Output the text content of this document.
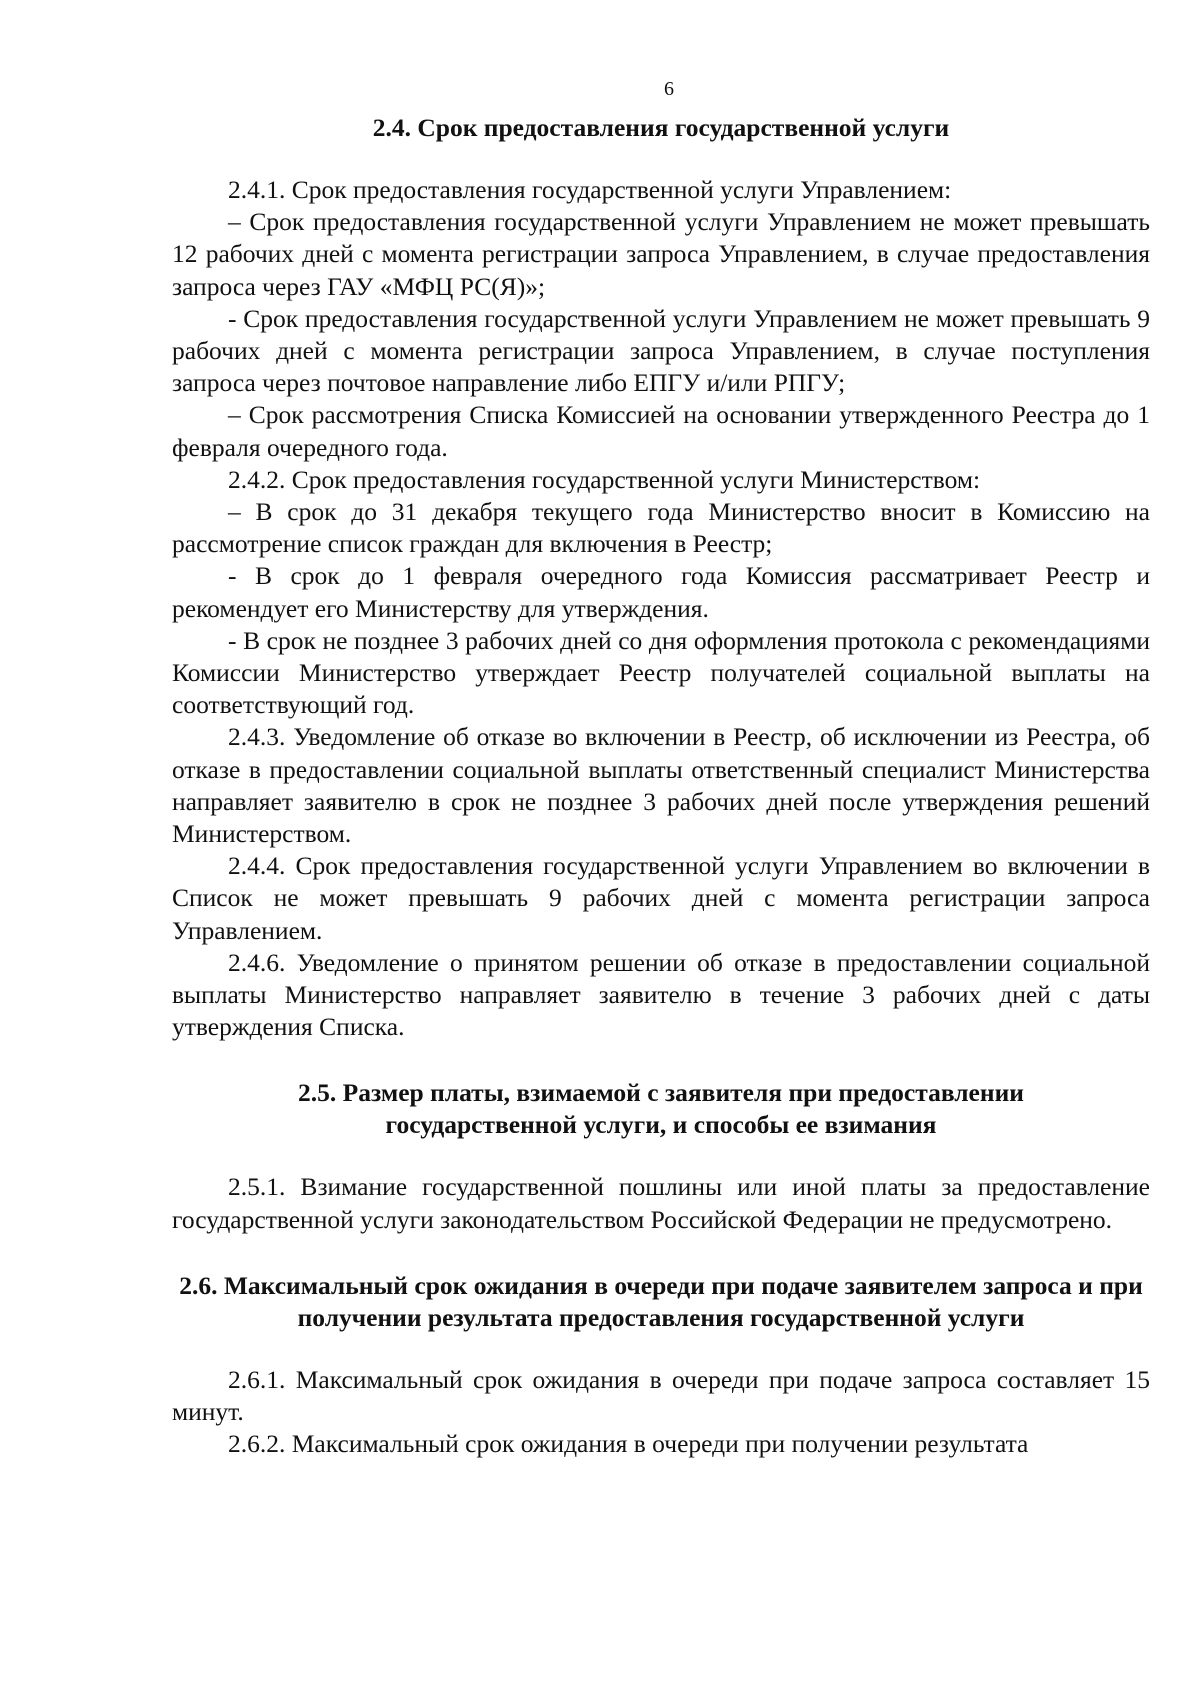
6

2.4. Срок предоставления государственной услуги

2.4.1. Срок предоставления государственной услуги Управлением:

– Срок предоставления государственной услуги Управлением не может превышать 12 рабочих дней с момента регистрации запроса Управлением, в случае предоставления запроса через ГАУ «МФЦ РС(Я)»;

- Срок предоставления государственной услуги Управлением не может превышать 9 рабочих дней с момента регистрации запроса Управлением, в случае поступления запроса через почтовое направление либо ЕПГУ и/или РПГУ;

– Срок рассмотрения Списка Комиссией на основании утвержденного Реестра до 1 февраля очередного года.

2.4.2. Срок предоставления государственной услуги Министерством:

– В срок до 31 декабря текущего года Министерство вносит в Комиссию на рассмотрение список граждан для включения в Реестр;

- В срок до 1 февраля очередного года Комиссия рассматривает Реестр и рекомендует его Министерству для утверждения.

- В срок не позднее 3 рабочих дней со дня оформления протокола с рекомендациями Комиссии Министерство утверждает Реестр получателей социальной выплаты на соответствующий год.

2.4.3. Уведомление об отказе во включении в Реестр, об исключении из Реестра, об отказе в предоставлении социальной выплаты ответственный специалист Министерства направляет заявителю в срок не позднее 3 рабочих дней после утверждения решений Министерством.

2.4.4. Срок предоставления государственной услуги Управлением во включении в Список не может превышать 9 рабочих дней с момента регистрации запроса Управлением.

2.4.6. Уведомление о принятом решении об отказе в предоставлении социальной выплаты Министерство направляет заявителю в течение 3 рабочих дней с даты утверждения Списка.

2.5. Размер платы, взимаемой с заявителя при предоставлении государственной услуги, и способы ее взимания

2.5.1. Взимание государственной пошлины или иной платы за предоставление государственной услуги законодательством Российской Федерации не предусмотрено.

2.6. Максимальный срок ожидания в очереди при подаче заявителем запроса и при получении результата предоставления государственной услуги

2.6.1. Максимальный срок ожидания в очереди при подаче запроса составляет 15 минут.

2.6.2. Максимальный срок ожидания в очереди при получении результата
